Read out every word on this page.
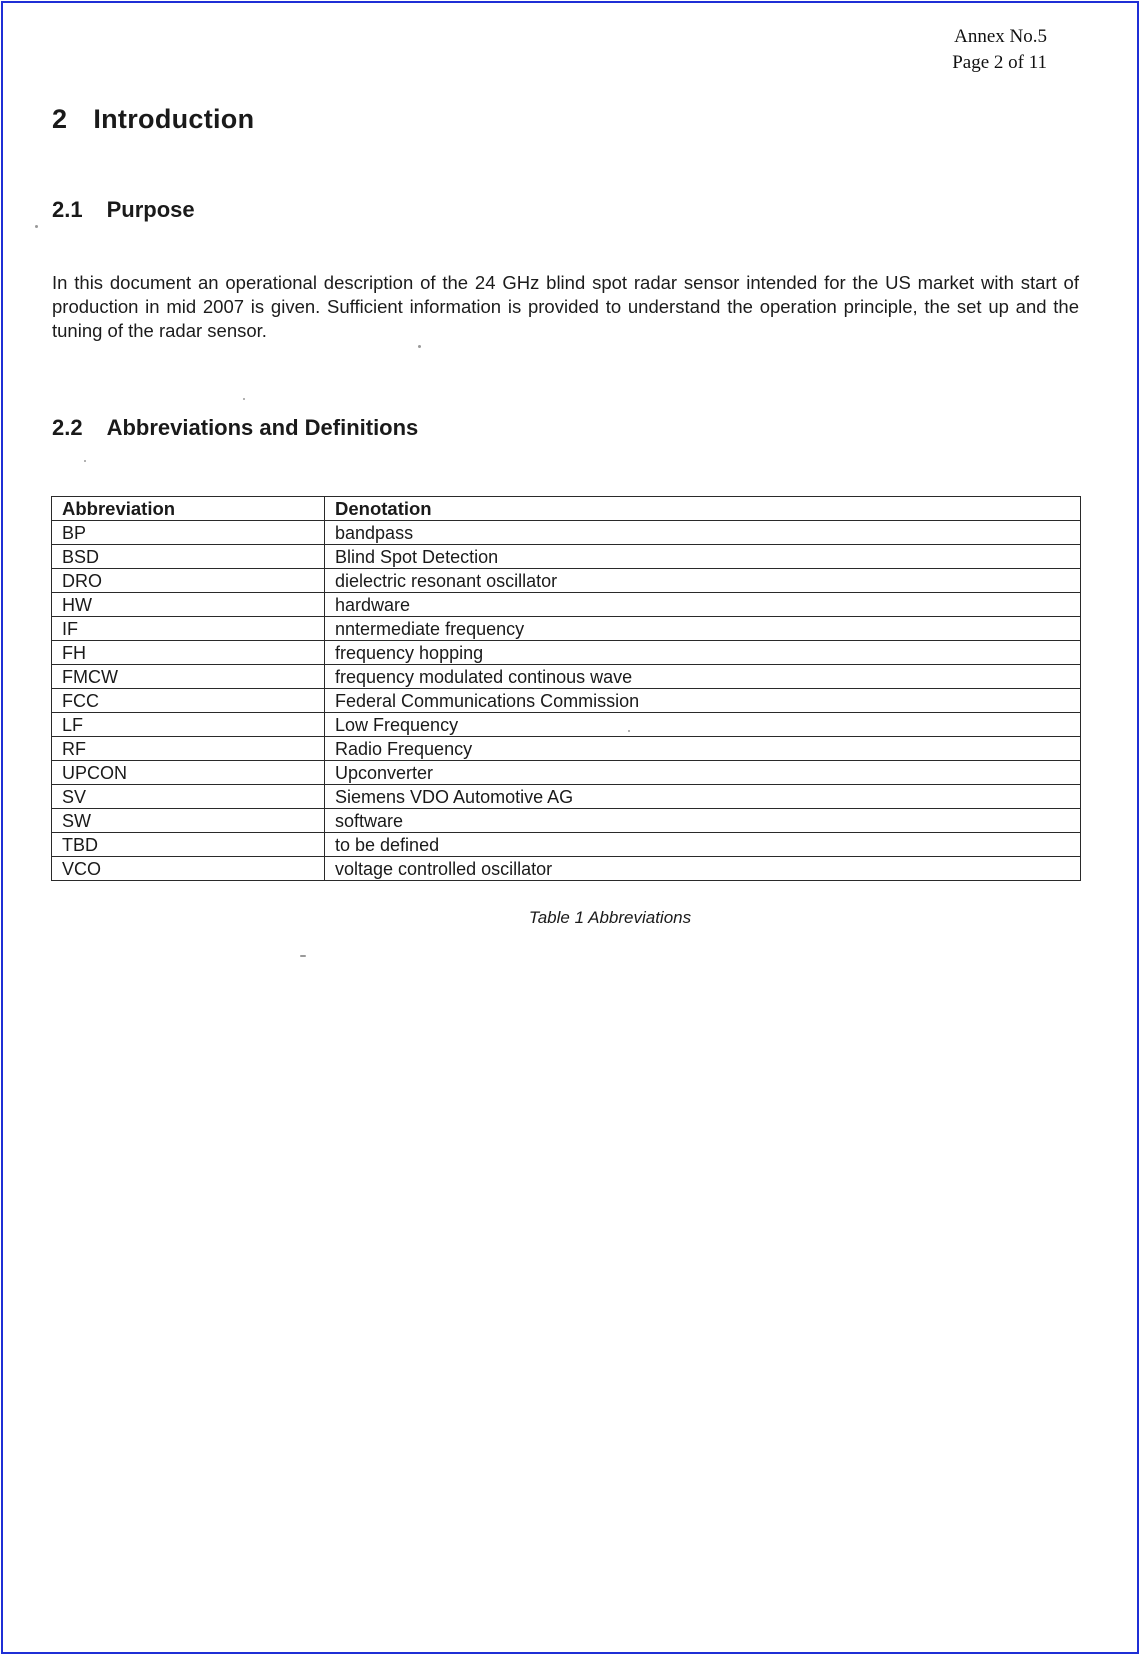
Annex No.5
Page 2 of 11
2 Introduction
2.1 Purpose
In this document an operational description of the 24 GHz blind spot radar sensor intended for the US market with start of production in mid 2007 is given. Sufficient information is provided to understand the operation principle, the set up and the tuning of the radar sensor.
2.2 Abbreviations and Definitions
Abbreviation	Denotation
BP	bandpass
BSD	Blind Spot Detection
DRO	dielectric resonant oscillator
HW	hardware
IF	nntermediate frequency
FH	frequency hopping
FMCW	frequency modulated continous wave
FCC	Federal Communications Commission
LF	Low Frequency
RF	Radio Frequency
UPCON	Upconverter
SV	Siemens VDO Automotive AG
SW	software
TBD	to be defined
VCO	voltage controlled oscillator
Table 1 Abbreviations
